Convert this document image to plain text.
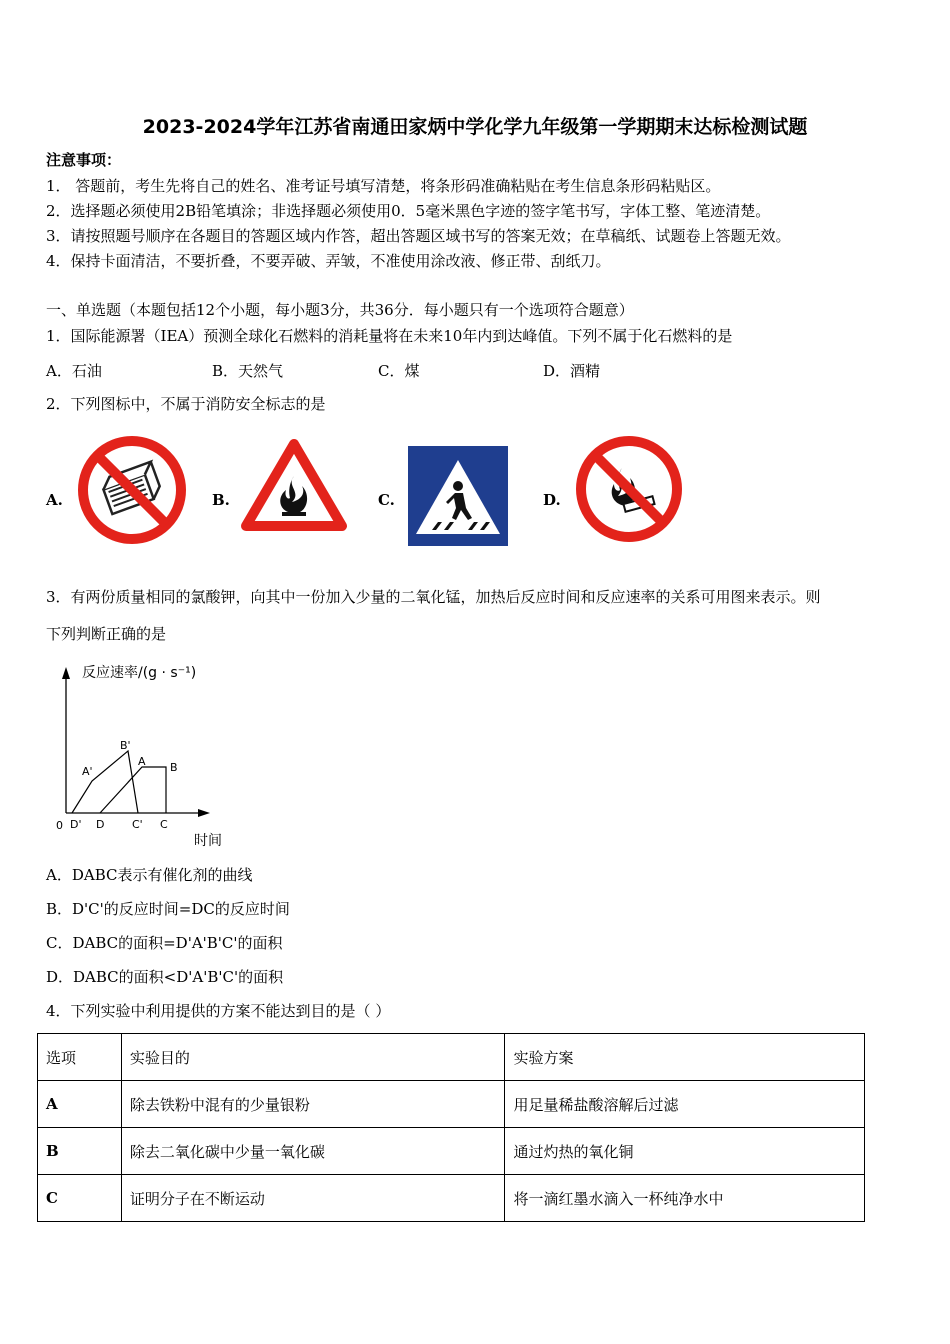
2023-2024学年江苏省南通田家炳中学化学九年级第一学期期末达标检测试题
注意事项：
1． 答题前，考生先将自己的姓名、准考证号填写清楚，将条形码准确粘贴在考生信息条形码粘贴区。
2．选择题必须使用2B铅笔填涂；非选择题必须使用0．5毫米黑色字迹的签字笔书写，字体工整、笔迹清楚。
3．请按照题号顺序在各题目的答题区域内作答，超出答题区域书写的答案无效；在草稿纸、试题卷上答题无效。
4．保持卡面清洁，不要折叠，不要弄破、弄皱，不准使用涂改液、修正带、刮纸刀。
一、单选题（本题包括12个小题，每小题3分，共36分．每小题只有一个选项符合题意）
1．国际能源署（IEA）预测全球化石燃料的消耗量将在未来10年内到达峰值。下列不属于化石燃料的是
A．石油	B．天然气	C．煤	D．酒精
2．下列图标中，不属于消防安全标志的是
A.	B.	C.	D.
3．有两份质量相同的氯酸钾，向其中一份加入少量的二氧化锰，加热后反应时间和反应速率的关系可用图来表示。则
下列判断正确的是
反应速率/(g · s⁻¹)
时间
0 D' D	C' C
A'
B'
A B
A．DABC表示有催化剂的曲线
B．D'C'的反应时间=DC的反应时间
C．DABC的面积=D'A'B'C'的面积
D．DABC的面积<D'A'B'C'的面积
4．下列实验中利用提供的方案不能达到目的是（ ）
选项	实验目的	实验方案
A	除去铁粉中混有的少量银粉	用足量稀盐酸溶解后过滤
B	除去二氧化碳中少量一氧化碳	通过灼热的氧化铜
C	证明分子在不断运动	将一滴红墨水滴入一杯纯净水中
